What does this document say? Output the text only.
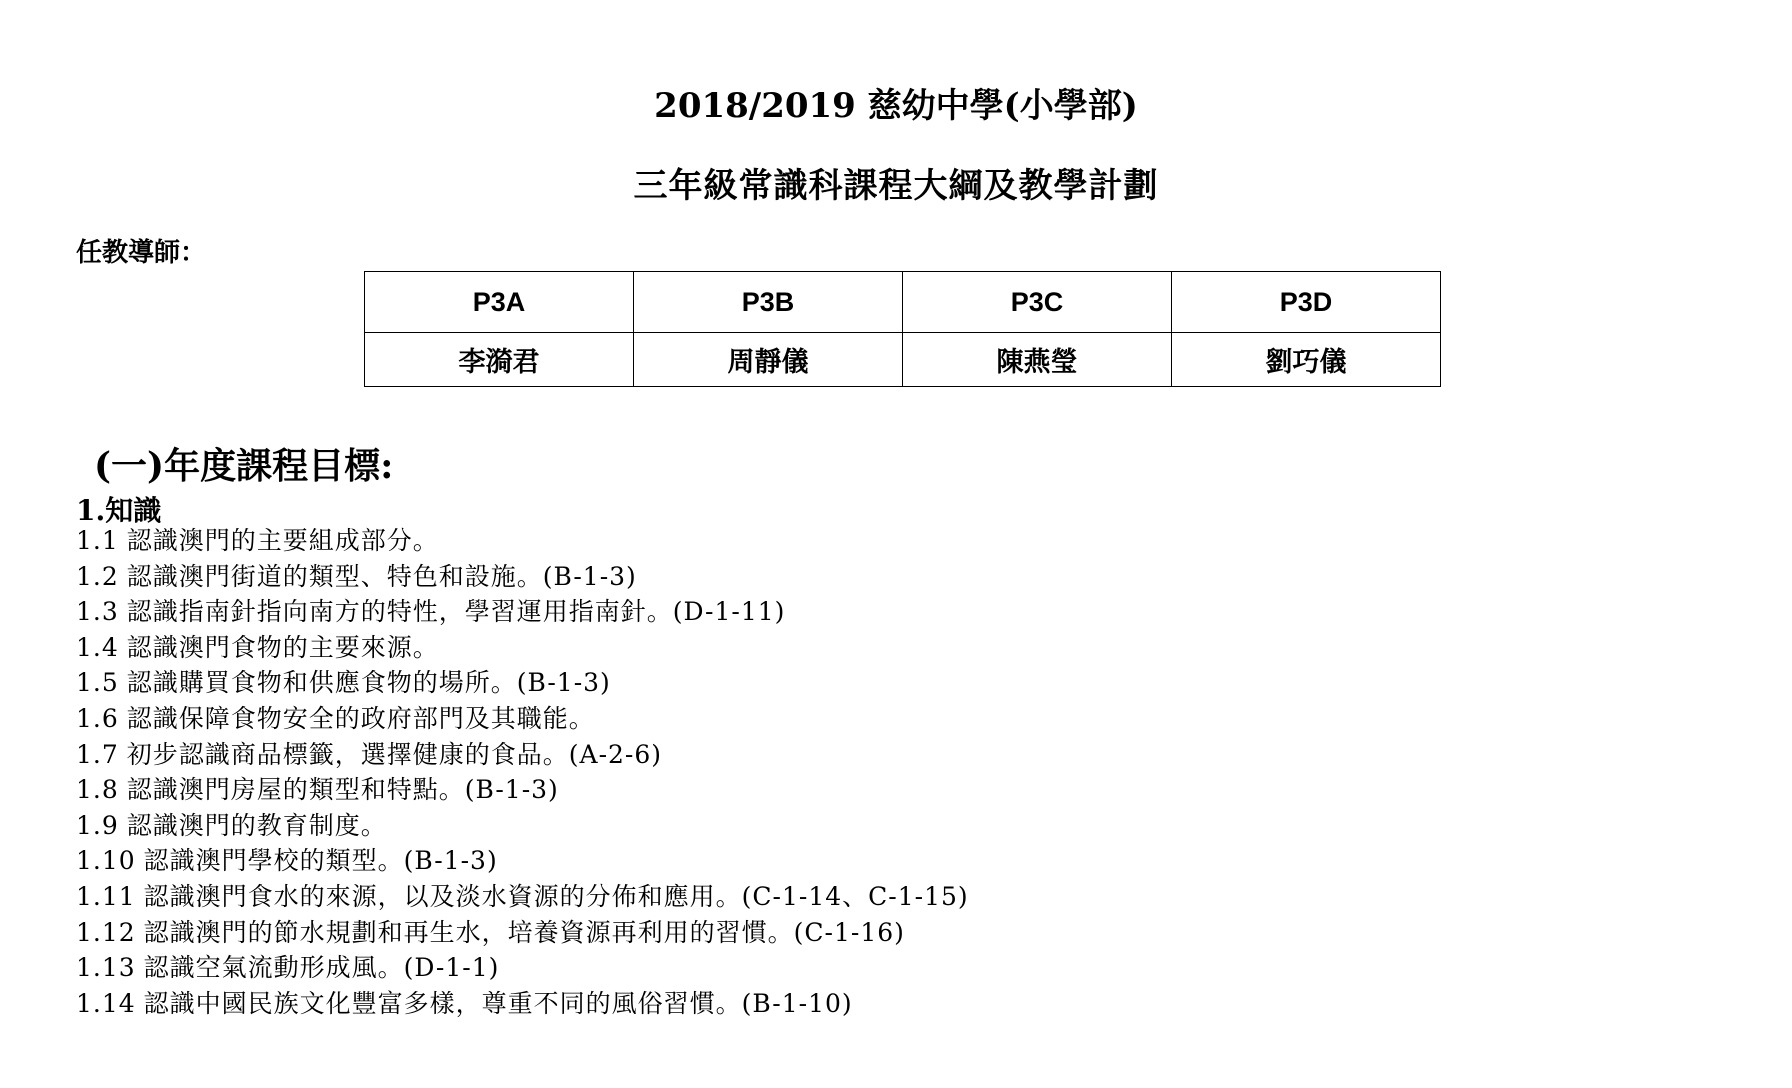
2018/2019 慈幼中學(小學部)
三年級常識科課程大綱及教學計劃
任教導師：
P3A	P3B	P3C	P3D
李漪君	周靜儀	陳燕瑩	劉巧儀
(一)年度課程目標:
1.知識
1.1 認識澳門的主要組成部分。
1.2 認識澳門街道的類型、特色和設施。(B-1-3)
1.3 認識指南針指向南方的特性，學習運用指南針。(D-1-11)
1.4 認識澳門食物的主要來源。
1.5 認識購買食物和供應食物的場所。(B-1-3)
1.6 認識保障食物安全的政府部門及其職能。
1.7 初步認識商品標籤，選擇健康的食品。(A-2-6)
1.8 認識澳門房屋的類型和特點。(B-1-3)
1.9 認識澳門的教育制度。
1.10 認識澳門學校的類型。(B-1-3)
1.11 認識澳門食水的來源，以及淡水資源的分佈和應用。(C-1-14、C-1-15)
1.12 認識澳門的節水規劃和再生水，培養資源再利用的習慣。(C-1-16)
1.13 認識空氣流動形成風。(D-1-1)
1.14 認識中國民族文化豐富多樣，尊重不同的風俗習慣。(B-1-10)
